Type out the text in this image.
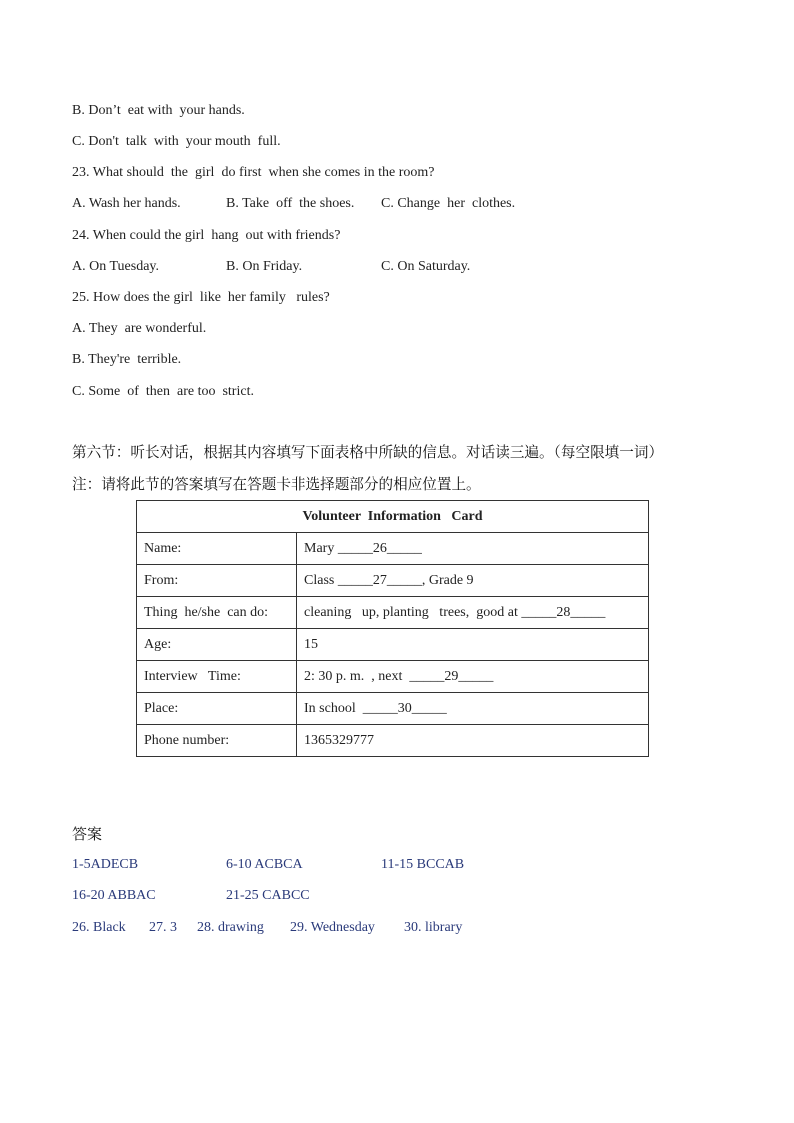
B. Don’t  eat with  your hands.
C. Don't  talk  with  your mouth  full.
23. What should  the  girl  do first  when she comes in the room?
A. Wash her hands.	B. Take  off  the shoes. C. Change  her  clothes.
24. When could the girl  hang  out with friends?
A. On Tuesday.	B. On Friday.	C. On Saturday.
25. How does the girl  like  her family   rules?
A. They  are wonderful.
B. They're  terrible.
C. Some  of  then  are too  strict.
第六节：听长对话，根据其内容填写下面表格中所缺的信息。对话读三遍。（每空限填一词）
注：请将此节的答案填写在答题卡非选择题部分的相应位置上。
Volunteer  Information   Card	
Name:	Mary _____26_____
From:	Class _____27_____, Grade 9
Thing  he/she  can do:	cleaning   up, planting   trees,  good at _____28_____
Age:	15
Interview   Time:	2: 30 p. m.  , next  _____29_____
Place:	In school  _____30_____
Phone number:	1365329777
答案
1-5ADECB	6-10 ACBCA	11-15 BCCAB
16-20 ABBAC	21-25 CABCC
26. Black 27. 3 28. drawing 29. Wednesday 30. library
